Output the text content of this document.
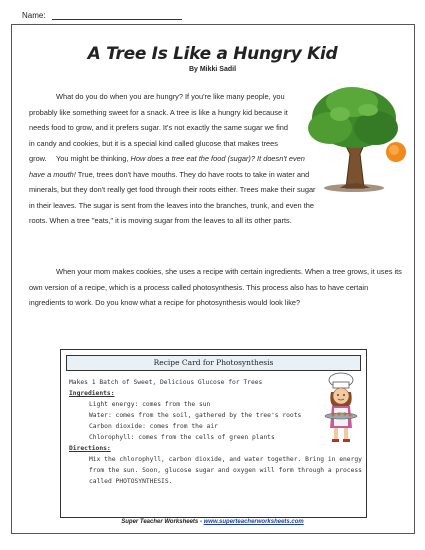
Name:
A Tree Is Like a Hungry Kid
By Mikki Sadil

What do you do when you are hungry? If you're like many people, you probably like something sweet for a snack. A tree is like a hungry kid because it needs food to grow, and it prefers sugar. It's not exactly the same sugar we find in candy and cookies, but it is a special kind called glucose that makes trees grow.	You might be thinking, How does a tree eat the food (sugar)? It doesn't even have a mouth! True, trees don't have mouths. They do have roots to take in water and minerals, but they don't really get food through their roots either. Trees make their sugar in their leaves. The sugar is sent from the leaves into the branches, trunk, and even the roots. When a tree "eats," it is moving sugar from the leaves to all its other parts.

When your mom makes cookies, she uses a recipe with certain ingredients. When a tree grows, it uses its own version of a recipe, which is a process called photosynthesis. This process also has to have certain ingredients to work. Do you know what a recipe for photosynthesis would look like?

Recipe Card for Photosynthesis
Makes 1 Batch of Sweet, Delicious Glucose for Trees
Ingredients:
Light energy: comes from the sun
Water: comes from the soil, gathered by the tree's roots
Carbon dioxide: comes from the air
Chlorophyll: comes from the cells of green plants
Directions:
Mix the chlorophyll, carbon dioxide, and water together. Bring in energy
from the sun. Soon, glucose sugar and oxygen will form through a process
called PHOTOSYNTHESIS.
Super Teacher Worksheets - www.superteacherworksheets.com
